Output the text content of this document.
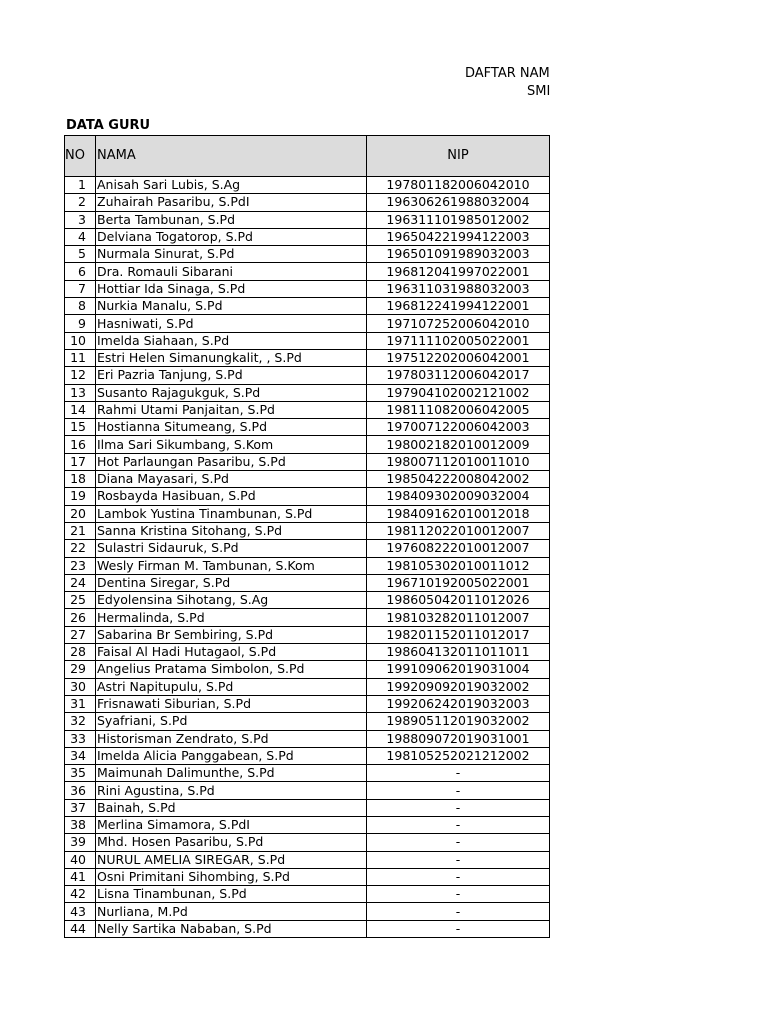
DAFTAR NAM
SMI
DATA GURU
NO	NAMA	NIP
1	Anisah Sari Lubis, S.Ag	197801182006042010
2	Zuhairah Pasaribu, S.PdI	196306261988032004
3	Berta Tambunan, S.Pd	196311101985012002
4	Delviana Togatorop, S.Pd	196504221994122003
5	Nurmala Sinurat, S.Pd	196501091989032003
6	Dra. Romauli Sibarani	196812041997022001
7	Hottiar Ida Sinaga, S.Pd	196311031988032003
8	Nurkia Manalu, S.Pd	196812241994122001
9	Hasniwati, S.Pd	197107252006042010
10	Imelda Siahaan, S.Pd	197111102005022001
11	Estri Helen Simanungkalit, , S.Pd	197512202006042001
12	Eri Pazria Tanjung, S.Pd	197803112006042017
13	Susanto Rajagukguk, S.Pd	197904102002121002
14	Rahmi Utami Panjaitan, S.Pd	198111082006042005
15	Hostianna Situmeang, S.Pd	197007122006042003
16	Ilma Sari Sikumbang, S.Kom	198002182010012009
17	Hot Parlaungan Pasaribu, S.Pd	198007112010011010
18	Diana Mayasari, S.Pd	198504222008042002
19	Rosbayda Hasibuan, S.Pd	198409302009032004
20	Lambok Yustina Tinambunan, S.Pd	198409162010012018
21	Sanna Kristina Sitohang, S.Pd	198112022010012007
22	Sulastri Sidauruk, S.Pd	197608222010012007
23	Wesly Firman M. Tambunan, S.Kom	198105302010011012
24	Dentina Siregar, S.Pd	196710192005022001
25	Edyolensina Sihotang, S.Ag	198605042011012026
26	Hermalinda, S.Pd	198103282011012007
27	Sabarina Br Sembiring, S.Pd	198201152011012017
28	Faisal Al Hadi Hutagaol, S.Pd	198604132011011011
29	Angelius Pratama Simbolon, S.Pd	199109062019031004
30	Astri Napitupulu, S.Pd	199209092019032002
31	Frisnawati Siburian, S.Pd	199206242019032003
32	Syafriani, S.Pd	198905112019032002
33	Historisman Zendrato, S.Pd	198809072019031001
34	Imelda Alicia Panggabean, S.Pd	198105252021212002
35	Maimunah Dalimunthe, S.Pd	-
36	Rini Agustina, S.Pd	-
37	Bainah, S.Pd	-
38	Merlina Simamora, S.PdI	-
39	Mhd. Hosen Pasaribu, S.Pd	-
40	NURUL AMELIA SIREGAR, S.Pd	-
41	Osni Primitani Sihombing, S.Pd	-
42	Lisna Tinambunan, S.Pd	-
43	Nurliana, M.Pd	-
44	Nelly Sartika Nababan, S.Pd	-
